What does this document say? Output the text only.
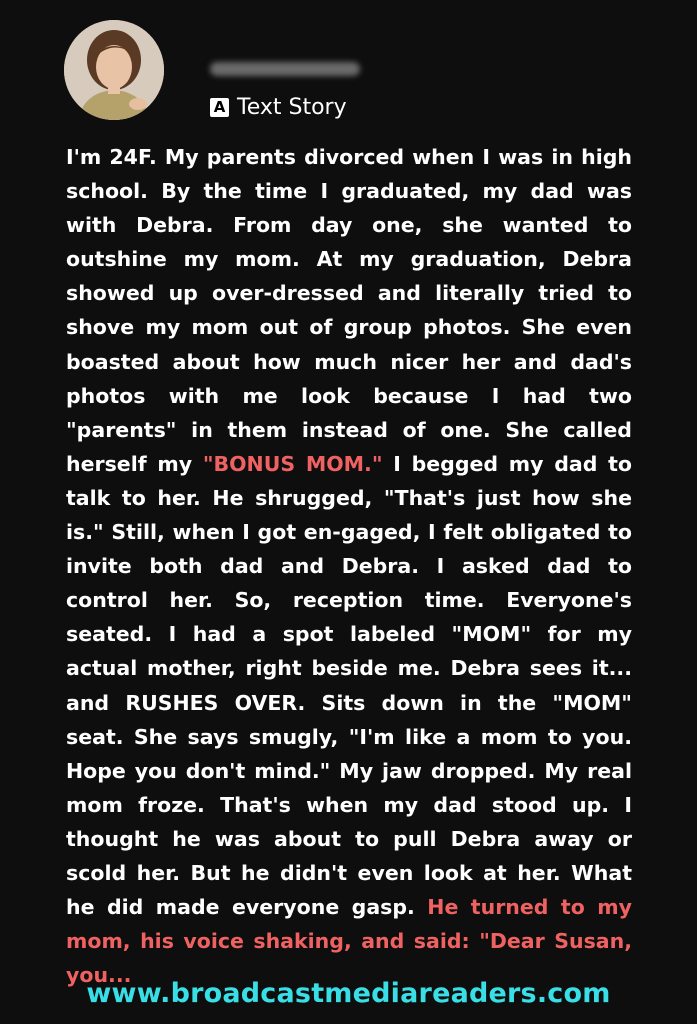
A Text Story

I'm 24F. My parents divorced when I was in high school. By the time I graduated, my dad was with Debra. From day one, she wanted to outshine my mom. At my graduation, Debra showed up over-dressed and literally tried to shove my mom out of group photos. She even boasted about how much nicer her and dad's photos with me look because I had two "parents" in them instead of one. She called herself my "BONUS MOM." I begged my dad to talk to her. He shrugged, "That's just how she is." Still, when I got en-gaged, I felt obligated to invite both dad and Debra. I asked dad to control her. So, reception time. Everyone's seated. I had a spot labeled "MOM" for my actual mother, right beside me. Debra sees it... and RUSHES OVER. Sits down in the "MOM" seat. She says smugly, "I'm like a mom to you. Hope you don't mind." My jaw dropped. My real mom froze. That's when my dad stood up. I thought he was about to pull Debra away or scold her. But he didn't even look at her. What he did made everyone gasp. He turned to my mom, his voice shaking, and said: "Dear Susan, you...

www.broadcastmediareaders.com
